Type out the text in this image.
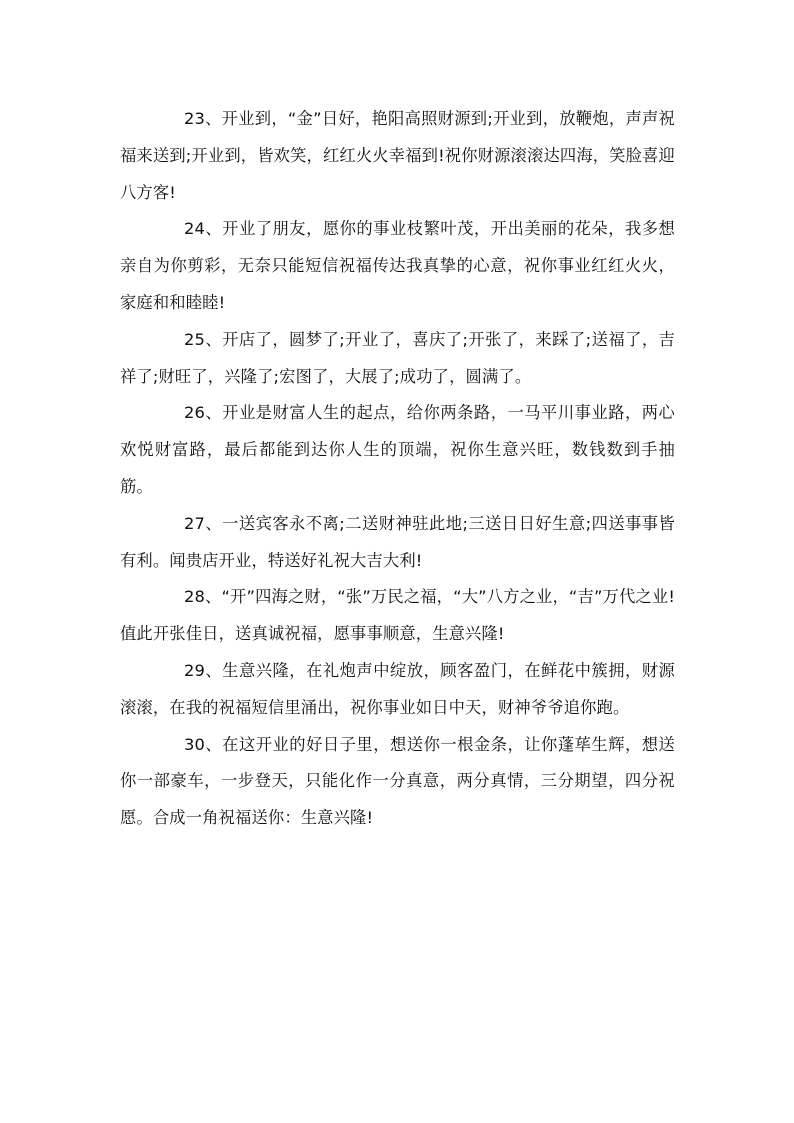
23、开业到，“金”日好，艳阳高照财源到;开业到，放鞭炮，声声祝福来送到;开业到，皆欢笑，红红火火幸福到!祝你财源滚滚达四海，笑脸喜迎八方客!

24、开业了朋友，愿你的事业枝繁叶茂，开出美丽的花朵，我多想亲自为你剪彩，无奈只能短信祝福传达我真挚的心意，祝你事业红红火火，家庭和和睦睦!

25、开店了，圆梦了;开业了，喜庆了;开张了，来踩了;送福了，吉祥了;财旺了，兴隆了;宏图了，大展了;成功了，圆满了。

26、开业是财富人生的起点，给你两条路，一马平川事业路，两心欢悦财富路，最后都能到达你人生的顶端，祝你生意兴旺，数钱数到手抽筋。

27、一送宾客永不离;二送财神驻此地;三送日日好生意;四送事事皆有利。闻贵店开业，特送好礼祝大吉大利!

28、“开”四海之财，“张”万民之福，“大”八方之业，“吉”万代之业!值此开张佳日，送真诚祝福，愿事事顺意，生意兴隆!

29、生意兴隆，在礼炮声中绽放，顾客盈门，在鲜花中簇拥，财源滚滚，在我的祝福短信里涌出，祝你事业如日中天，财神爷爷追你跑。

30、在这开业的好日子里，想送你一根金条，让你蓬荜生辉，想送你一部豪车，一步登天，只能化作一分真意，两分真情，三分期望，四分祝愿。合成一角祝福送你：生意兴隆!
